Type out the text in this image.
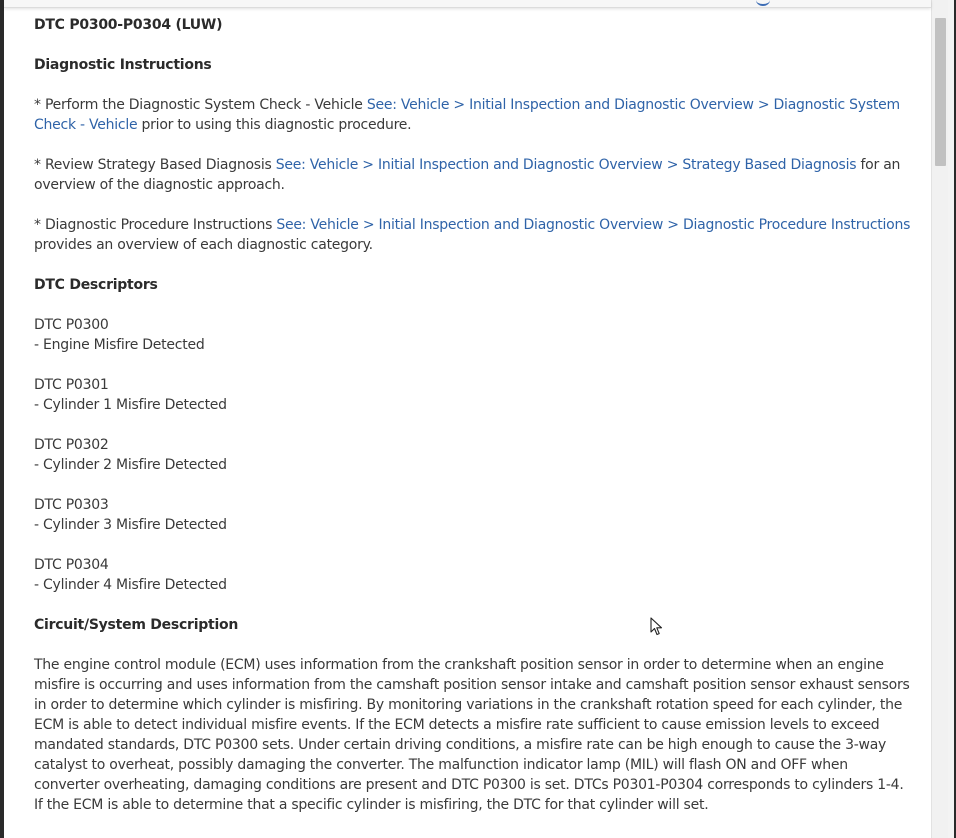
DTC P0300-P0304 (LUW)
Diagnostic Instructions
* Perform the Diagnostic System Check - Vehicle See: Vehicle > Initial Inspection and Diagnostic Overview > Diagnostic System Check - Vehicle prior to using this diagnostic procedure.
* Review Strategy Based Diagnosis See: Vehicle > Initial Inspection and Diagnostic Overview > Strategy Based Diagnosis for an overview of the diagnostic approach.
* Diagnostic Procedure Instructions See: Vehicle > Initial Inspection and Diagnostic Overview > Diagnostic Procedure Instructions provides an overview of each diagnostic category.
DTC Descriptors
DTC P0300
- Engine Misfire Detected
DTC P0301
- Cylinder 1 Misfire Detected
DTC P0302
- Cylinder 2 Misfire Detected
DTC P0303
- Cylinder 3 Misfire Detected
DTC P0304
- Cylinder 4 Misfire Detected
Circuit/System Description
The engine control module (ECM) uses information from the crankshaft position sensor in order to determine when an engine misfire is occurring and uses information from the camshaft position sensor intake and camshaft position sensor exhaust sensors in order to determine which cylinder is misfiring. By monitoring variations in the crankshaft rotation speed for each cylinder, the ECM is able to detect individual misfire events. If the ECM detects a misfire rate sufficient to cause emission levels to exceed mandated standards, DTC P0300 sets. Under certain driving conditions, a misfire rate can be high enough to cause the 3-way catalyst to overheat, possibly damaging the converter. The malfunction indicator lamp (MIL) will flash ON and OFF when converter overheating, damaging conditions are present and DTC P0300 is set. DTCs P0301-P0304 corresponds to cylinders 1-4. If the ECM is able to determine that a specific cylinder is misfiring, the DTC for that cylinder will set.
